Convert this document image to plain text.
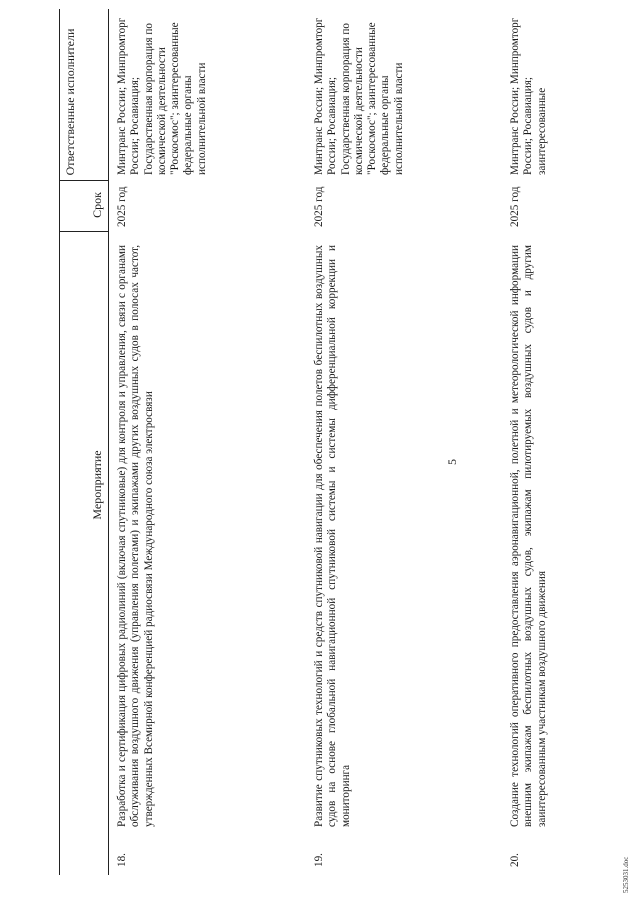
5
5253031.doc
Мероприятие
Срок
Ответственные исполнители
18.
Разработка и сертификация цифровых радиолиний (включая спутниковые) для контроля и управления, связи с органами обслуживания воздушного движения (управления полетами) и экипажами других воздушных судов в полосах частот, утвержденных Всемирной конференцией радиосвязи Международного союза электросвязи
2025 год
Минтранс России; Минпромторг России; Росавиация; Государственная корпорация по космической деятельности "Роскосмос"; заинтересованные федеральные органы исполнительной власти
19.
Развитие спутниковых технологий и средств спутниковой навигации для обеспечения полетов беспилотных воздушных судов на основе глобальной навигационной спутниковой системы и системы дифференциальной коррекции и мониторинга
2025 год
Минтранс России; Минпромторг России; Росавиация; Государственная корпорация по космической деятельности "Роскосмос"; заинтересованные федеральные органы исполнительной власти
20.
Создание технологий оперативного предоставления аэронавигационной, полетной и метеорологической информации внешним экипажам беспилотных воздушных судов, экипажам пилотируемых воздушных судов и другим заинтересованным участникам воздушного движения
2025 год
Минтранс России; Минпромторг России; Росавиация; заинтересованные
